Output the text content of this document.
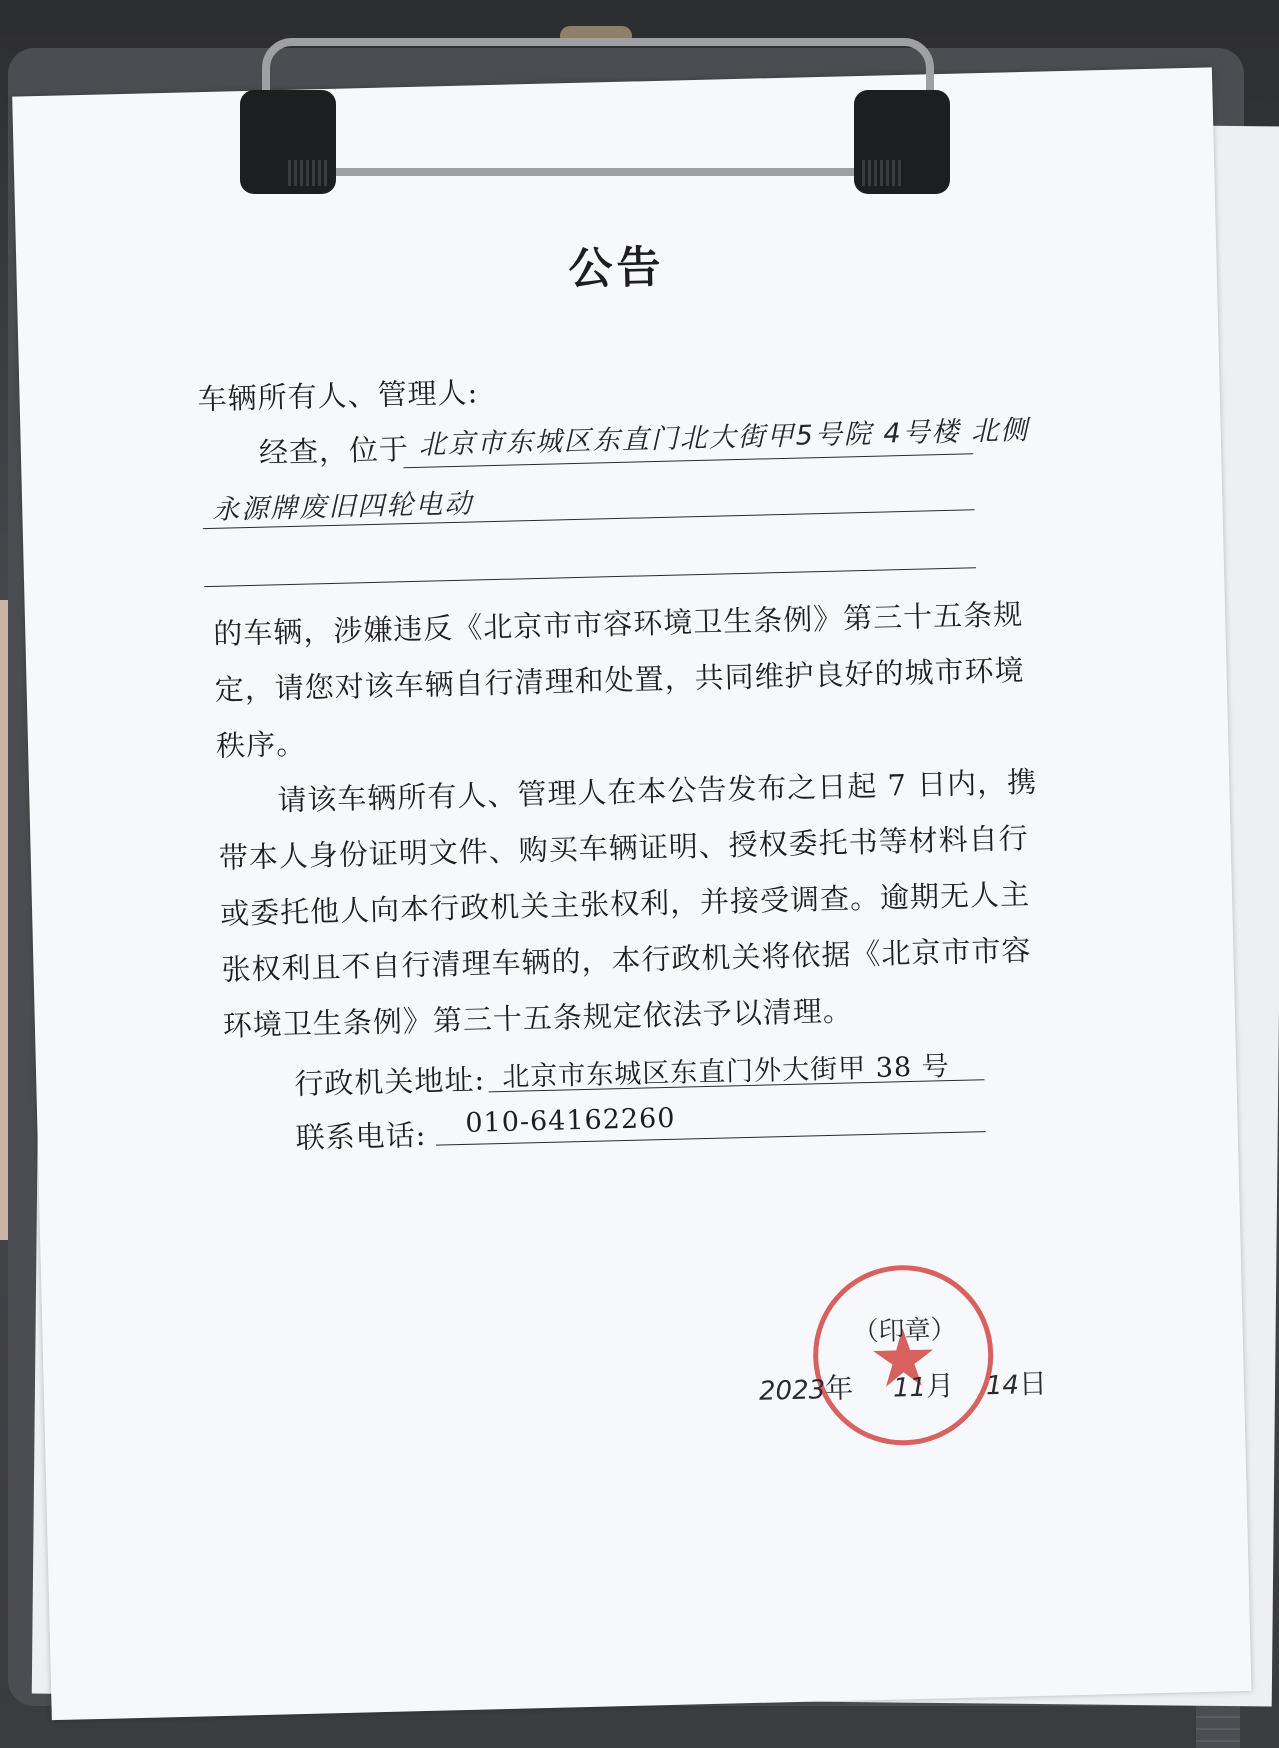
公告
车辆所有人、管理人:
经查，位于 北京市东城区东直门北大街甲5号院 4号楼 北侧
永源牌废旧四轮电动
的车辆，涉嫌违反《北京市市容环境卫生条例》第三十五条规
定，请您对该车辆自行清理和处置，共同维护良好的城市环境
秩序。
请该车辆所有人、管理人在本公告发布之日起 7 日内，携
带本人身份证明文件、购买车辆证明、授权委托书等材料自行
或委托他人向本行政机关主张权利，并接受调查。逾期无人主
张权利且不自行清理车辆的，本行政机关将依据《北京市市容
环境卫生条例》第三十五条规定依法予以清理。
行政机关地址: 北京市东城区东直门外大街甲 38 号
联系电话: 010-64162260
（印章）
2023年 11月 14日
